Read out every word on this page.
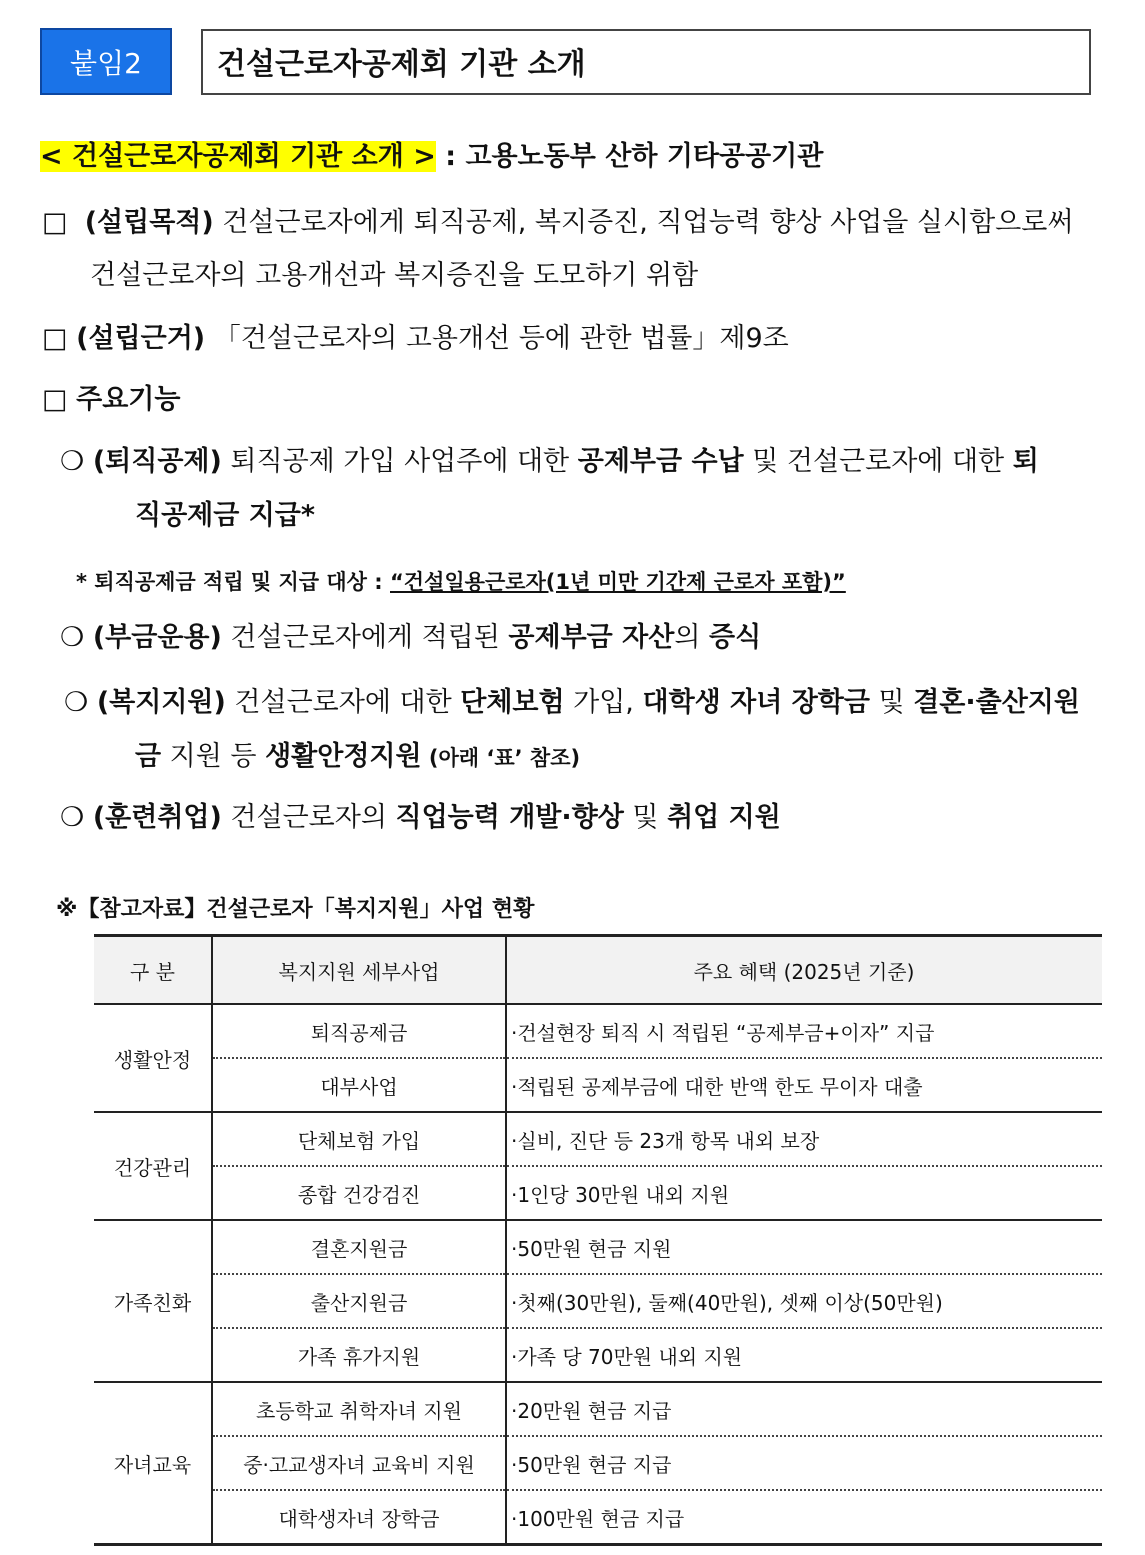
붙임2	건설근로자공제회 기관 소개
< 건설근로자공제회 기관 소개 > : 고용노동부 산하 기타공공기관
□ (설립목적) 건설근로자에게 퇴직공제, 복지증진, 직업능력 향상 사업을 실시함으로써
건설근로자의 고용개선과 복지증진을 도모하기 위함
□ (설립근거) 「건설근로자의 고용개선 등에 관한 법률」제9조
□ 주요기능
❍ (퇴직공제) 퇴직공제 가입 사업주에 대한 공제부금 수납 및 건설근로자에 대한 퇴
직공제금 지급*
* 퇴직공제금 적립 및 지급 대상 : “건설일용근로자(1년 미만 기간제 근로자 포함)”
❍ (부금운용) 건설근로자에게 적립된 공제부금 자산의 증식
❍ (복지지원) 건설근로자에 대한 단체보험 가입, 대학생 자녀 장학금 및 결혼·출산지원
금 지원 등 생활안정지원 (아래 ‘표’ 참조)
❍ (훈련취업) 건설근로자의 직업능력 개발·향상 및 취업 지원
※【참고자료】건설근로자「복지지원」사업 현황
구 분	복지지원 세부사업	주요 혜택 (2025년 기준)
생활안정	퇴직공제금	·건설현장 퇴직 시 적립된 “공제부금+이자” 지급
	대부사업	·적립된 공제부금에 대한 반액 한도 무이자 대출
건강관리	단체보험 가입	·실비, 진단 등 23개 항목 내외 보장
	종합 건강검진	·1인당 30만원 내외 지원
가족친화	결혼지원금	·50만원 현금 지원
	출산지원금	·첫째(30만원), 둘째(40만원), 셋째 이상(50만원)
	가족 휴가지원	·가족 당 70만원 내외 지원
자녀교육	초등학교 취학자녀 지원	·20만원 현금 지급
	중·고교생자녀 교육비 지원	·50만원 현금 지급
	대학생자녀 장학금	·100만원 현금 지급
